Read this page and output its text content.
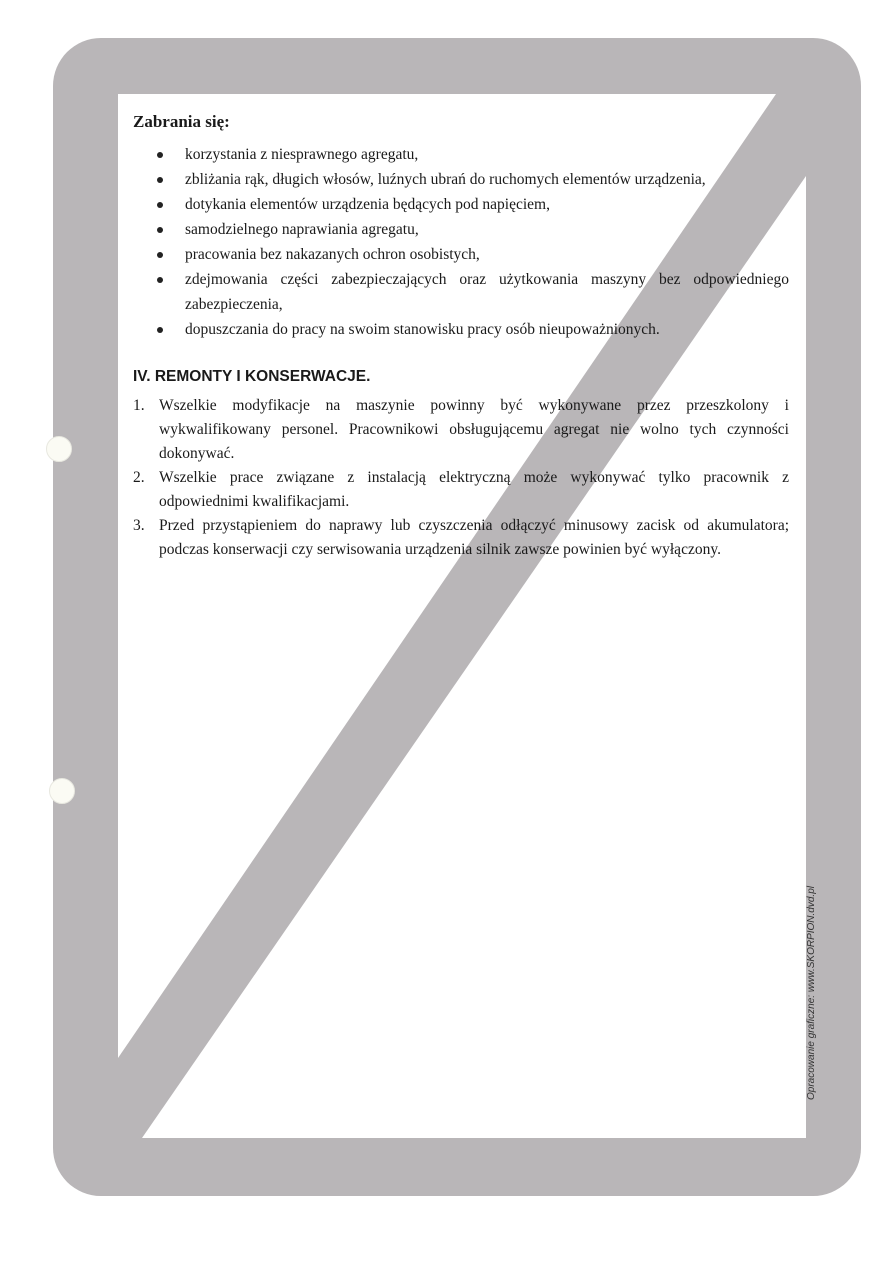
Zabrania się:

korzystania z niesprawnego agregatu,
zbliżania rąk, długich włosów, luźnych ubrań do ruchomych elementów urządzenia,
dotykania elementów urządzenia będących pod napięciem,
samodzielnego naprawiania agregatu,
pracowania bez nakazanych ochron osobistych,
zdejmowania części zabezpieczających oraz użytkowania maszyny bez odpowiedniego zabezpieczenia,
dopuszczania do pracy na swoim stanowisku pracy osób nieupoważnionych.

IV. REMONTY I KONSERWACJE.

1. Wszelkie modyfikacje na maszynie powinny być wykonywane przez przeszkolony i wykwalifikowany personel. Pracownikowi obsługującemu agregat nie wolno tych czynności dokonywać.
2. Wszelkie prace związane z instalacją elektryczną może wykonywać tylko pracownik z odpowiednimi kwalifikacjami.
3. Przed przystąpieniem do naprawy lub czyszczenia odłączyć minusowy zacisk od akumulatora; podczas konserwacji czy serwisowania urządzenia silnik zawsze powinien być wyłączony.
Opracowanie graficzne: www.SKORPION.dvd.pl
